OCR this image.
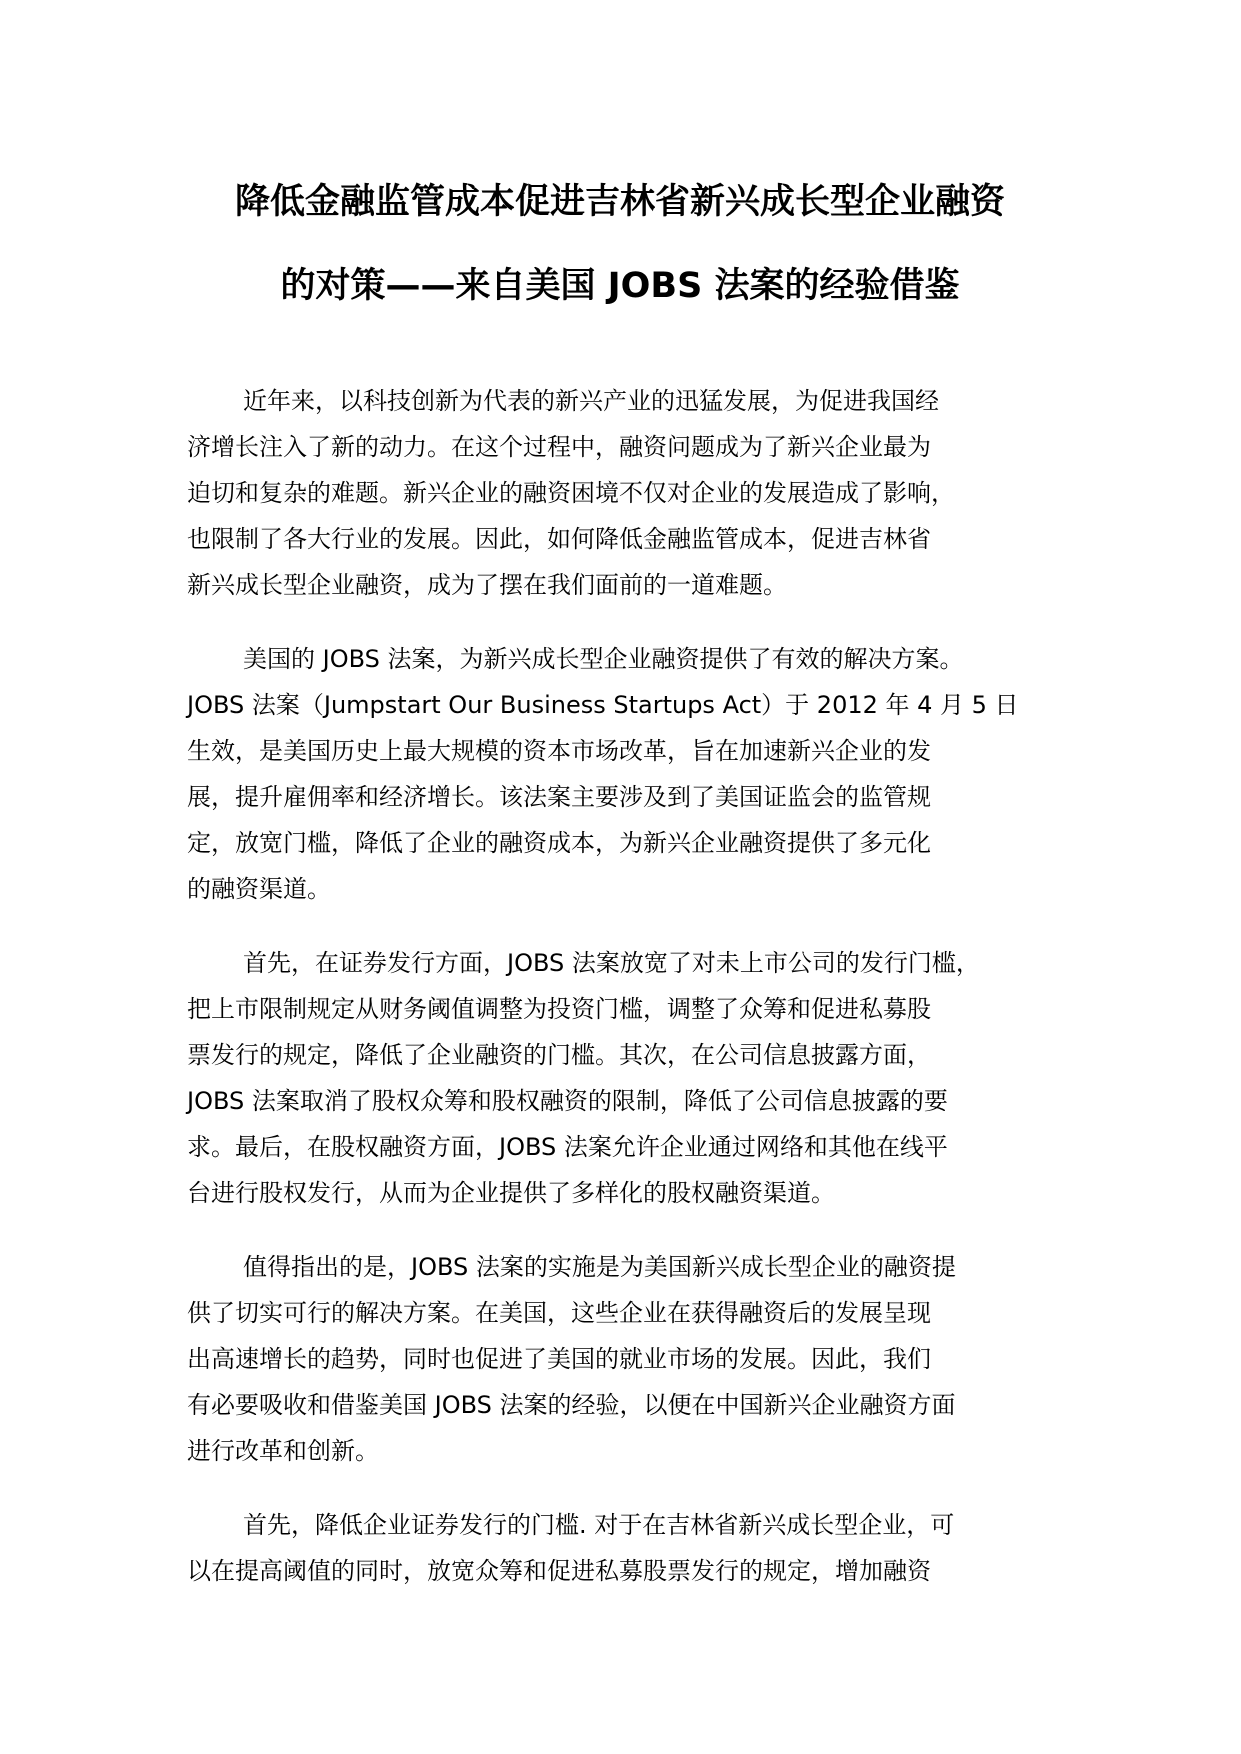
降低金融监管成本促进吉林省新兴成长型企业融资
的对策——来自美国 JOBS 法案的经验借鉴
近年来，以科技创新为代表的新兴产业的迅猛发展，为促进我国经
济增长注入了新的动力。在这个过程中，融资问题成为了新兴企业最为
迫切和复杂的难题。新兴企业的融资困境不仅对企业的发展造成了影响，
也限制了各大行业的发展。因此，如何降低金融监管成本，促进吉林省
新兴成长型企业融资，成为了摆在我们面前的一道难题。
美国的 JOBS 法案，为新兴成长型企业融资提供了有效的解决方案。
JOBS 法案（Jumpstart Our Business Startups Act）于 2012 年 4 月 5 日
生效，是美国历史上最大规模的资本市场改革，旨在加速新兴企业的发
展，提升雇佣率和经济增长。该法案主要涉及到了美国证监会的监管规
定，放宽门槛，降低了企业的融资成本，为新兴企业融资提供了多元化
的融资渠道。
首先，在证券发行方面，JOBS 法案放宽了对未上市公司的发行门槛，
把上市限制规定从财务阈值调整为投资门槛，调整了众筹和促进私募股
票发行的规定，降低了企业融资的门槛。其次，在公司信息披露方面，
JOBS 法案取消了股权众筹和股权融资的限制，降低了公司信息披露的要
求。最后，在股权融资方面，JOBS 法案允许企业通过网络和其他在线平
台进行股权发行，从而为企业提供了多样化的股权融资渠道。
值得指出的是，JOBS 法案的实施是为美国新兴成长型企业的融资提
供了切实可行的解决方案。在美国，这些企业在获得融资后的发展呈现
出高速增长的趋势，同时也促进了美国的就业市场的发展。因此，我们
有必要吸收和借鉴美国 JOBS 法案的经验，以便在中国新兴企业融资方面
进行改革和创新。
首先，降低企业证券发行的门槛. 对于在吉林省新兴成长型企业，可
以在提高阈值的同时，放宽众筹和促进私募股票发行的规定，增加融资
